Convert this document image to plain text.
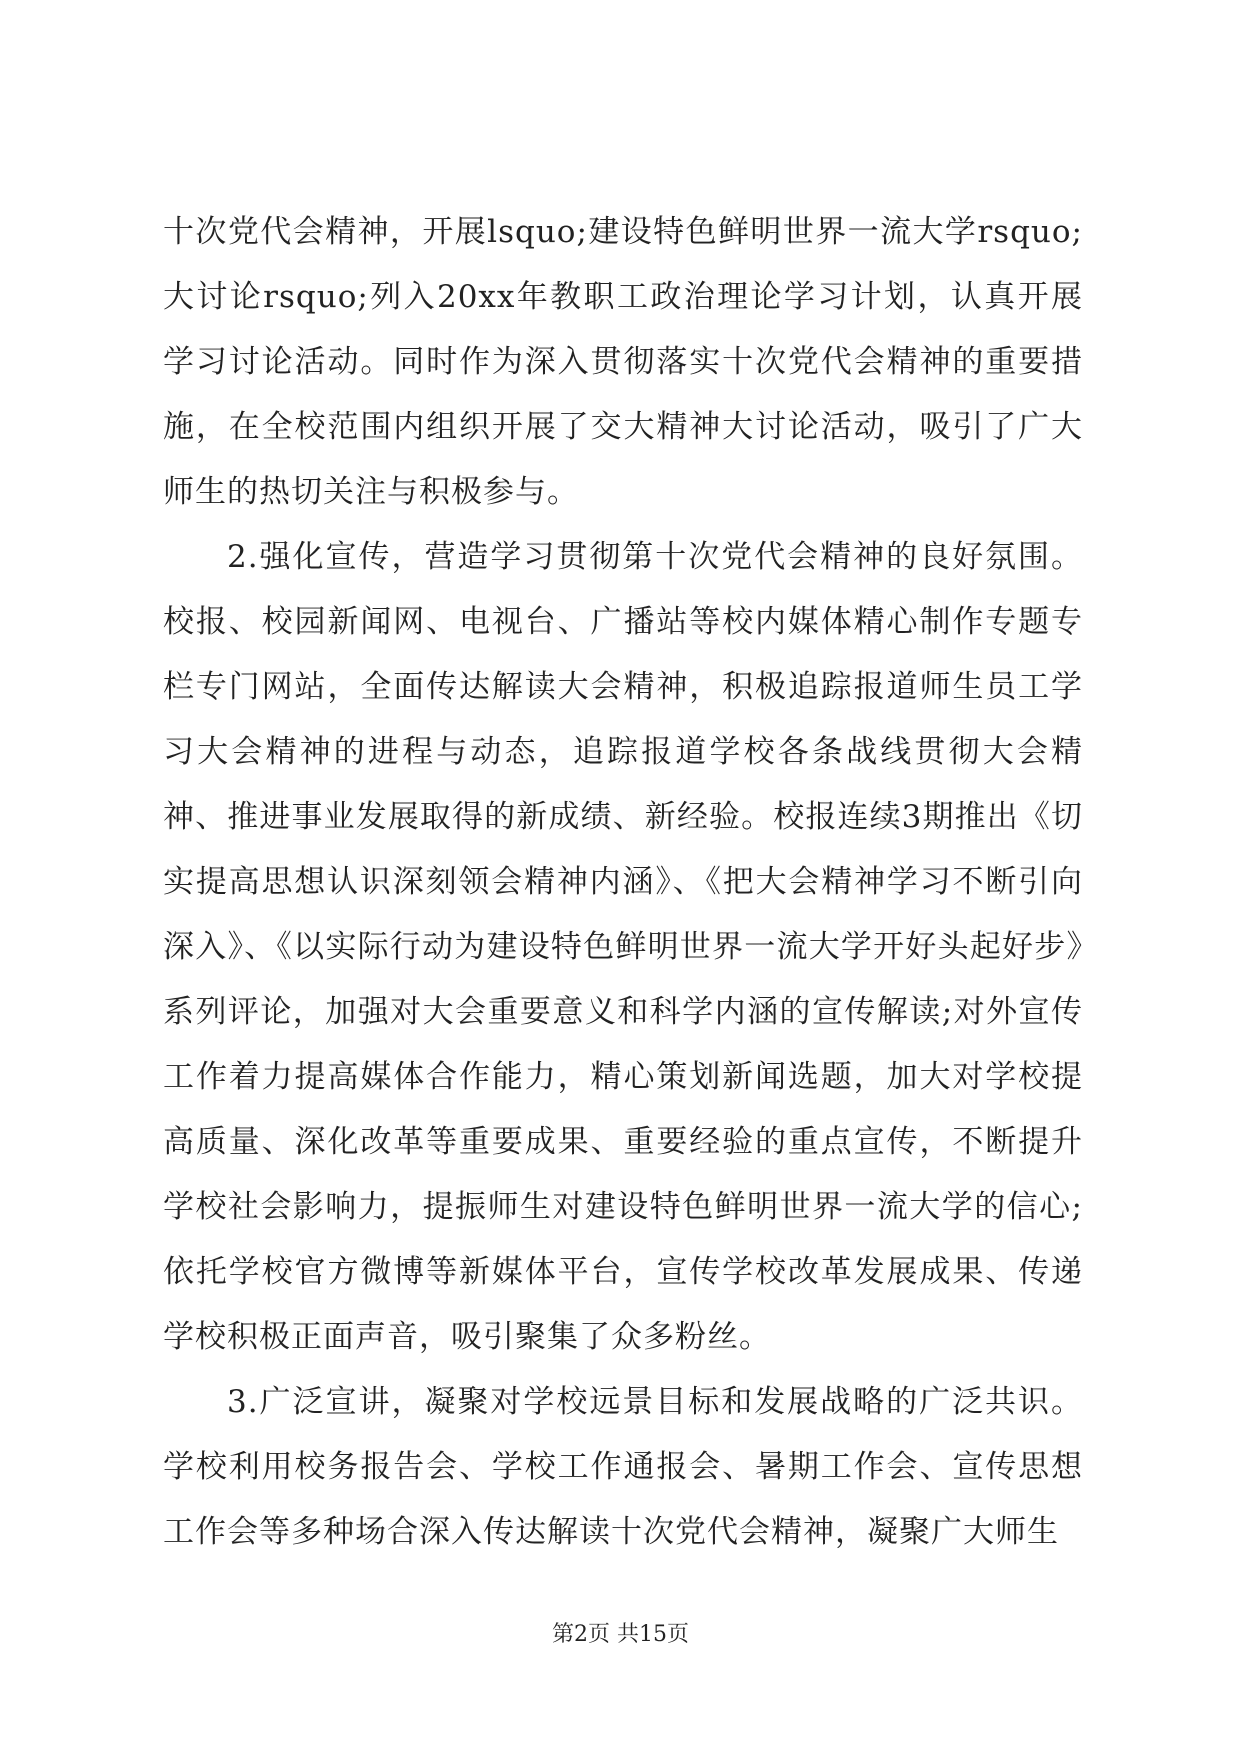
十次党代会精神，开展lsquo;建设特色鲜明世界一流大学rsquo;大讨论rsquo;列入20xx年教职工政治理论学习计划，认真开展学习讨论活动。同时作为深入贯彻落实十次党代会精神的重要措施，在全校范围内组织开展了交大精神大讨论活动，吸引了广大师生的热切关注与积极参与。

2.强化宣传，营造学习贯彻第十次党代会精神的良好氛围。校报、校园新闻网、电视台、广播站等校内媒体精心制作专题专栏专门网站，全面传达解读大会精神，积极追踪报道师生员工学习大会精神的进程与动态，追踪报道学校各条战线贯彻大会精神、推进事业发展取得的新成绩、新经验。校报连续3期推出《切实提高思想认识深刻领会精神内涵》、《把大会精神学习不断引向深入》、《以实际行动为建设特色鲜明世界一流大学开好头起好步》系列评论，加强对大会重要意义和科学内涵的宣传解读;对外宣传工作着力提高媒体合作能力，精心策划新闻选题，加大对学校提高质量、深化改革等重要成果、重要经验的重点宣传，不断提升学校社会影响力，提振师生对建设特色鲜明世界一流大学的信心;依托学校官方微博等新媒体平台，宣传学校改革发展成果、传递学校积极正面声音，吸引聚集了众多粉丝。

3.广泛宣讲，凝聚对学校远景目标和发展战略的广泛共识。学校利用校务报告会、学校工作通报会、暑期工作会、宣传思想工作会等多种场合深入传达解读十次党代会精神，凝聚广大师生

第2页 共15页
